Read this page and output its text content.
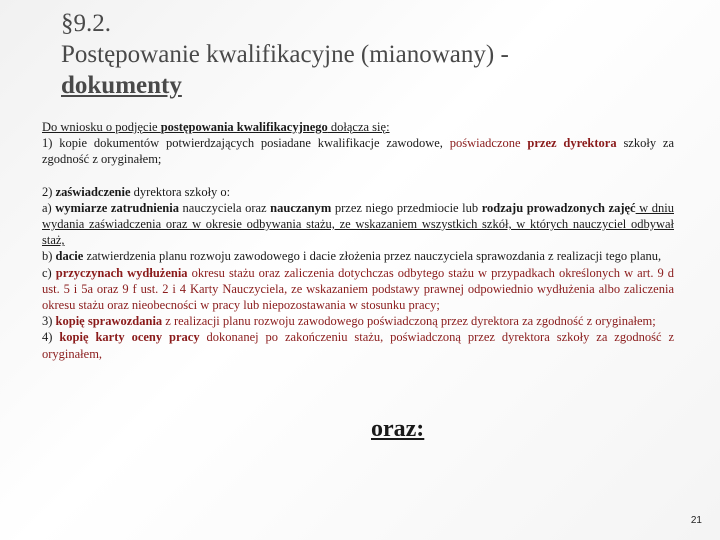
§9.2.
Postępowanie kwalifikacyjne (mianowany) -
dokumenty

Do wniosku o podjęcie postępowania kwalifikacyjnego dołącza się:

1) kopie dokumentów potwierdzających posiadane kwalifikacje zawodowe, poświadczone przez dyrektora szkoły za zgodność z oryginałem;

2) zaświadczenie dyrektora szkoły o:

a) wymiarze zatrudnienia nauczyciela oraz nauczanym przez niego przedmiocie lub rodzaju prowadzonych zajęć w dniu wydania zaświadczenia oraz w okresie odbywania stażu, ze wskazaniem wszystkich szkół, w których nauczyciel odbywał staż,

b) dacie zatwierdzenia planu rozwoju zawodowego i dacie złożenia przez nauczyciela sprawozdania z realizacji tego planu,

c) przyczynach wydłużenia okresu stażu oraz zaliczenia dotychczas odbytego stażu w przypadkach określonych w art. 9 d ust. 5 i 5a oraz 9 f ust. 2 i 4 Karty Nauczyciela, ze wskazaniem podstawy prawnej odpowiednio wydłużenia albo zaliczenia okresu stażu oraz nieobecności w pracy lub niepozostawania w stosunku pracy;

3) kopię sprawozdania z realizacji planu rozwoju zawodowego poświadczoną przez dyrektora za zgodność z oryginałem;

4) kopię karty oceny pracy dokonanej po zakończeniu stażu, poświadczoną przez dyrektora szkoły za zgodność z oryginałem,

oraz:
21
